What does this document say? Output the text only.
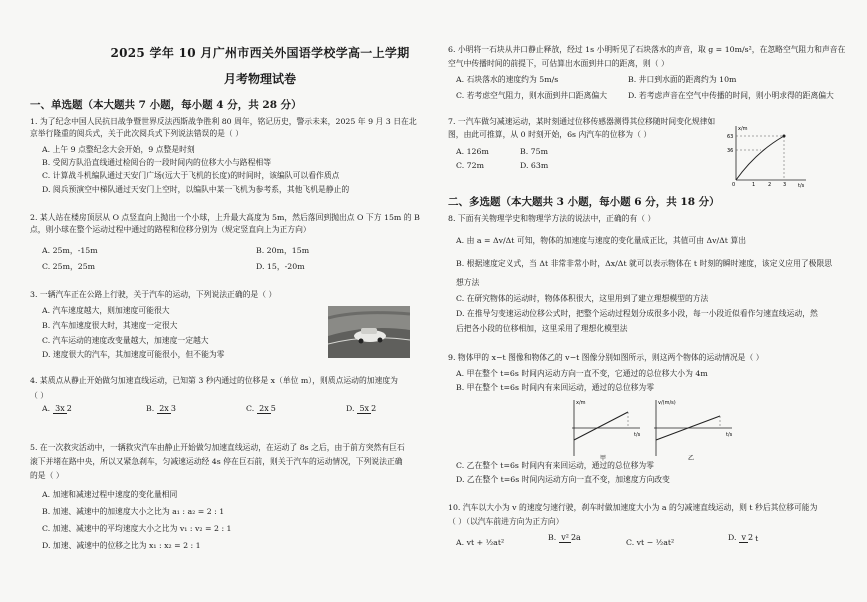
2025 学年 10 月广州市西关外国语学校学高一上学期
月考物理试卷
一、单选题（本大题共 7 小题，每小题 4 分，共 28 分）
1. 为了纪念中国人民抗日战争暨世界反法西斯战争胜利 80 周年，铭记历史，警示未来，2025 年 9 月 3 日在北
京举行隆重的阅兵式，关于此次阅兵式下列说法错误的是（ ）
A. 上午 9 点整纪念大会开始，9 点整是时刻
B. 受阅方队沿直线通过检阅台的一段时间内的位移大小与路程相等
C. 计算战斗机编队通过天安门广场(远大于飞机的长度)的时间时，该编队可以看作质点
D. 阅兵预演空中梯队通过天安门上空时，以编队中某一飞机为参考系，其他飞机是静止的
2. 某人站在楼房顶层从 O 点竖直向上抛出一个小球，上升最大高度为 5m，然后落回到抛出点 O 下方 15m 的 B
点，则小球在整个运动过程中通过的路程和位移分别为（规定竖直向上为正方向）
A. 25m，-15m	B. 20m，15m
C. 25m，25m	D. 15，-20m
3. 一辆汽车正在公路上行驶，关于汽车的运动，下列说法正确的是（ ）
A. 汽车速度越大，则加速度可能很大
B. 汽车加速度很大时，其速度一定很大
C. 汽车运动的速度改变量越大，加速度一定越大
D. 速度很大的汽车，其加速度可能很小，但不能为零
4. 某质点从静止开始做匀加速直线运动，已知第 3 秒内通过的位移是 x（单位 m），则质点运动的加速度为
（ ）
A. 3x 2	B. 2x 3	C. 2x 5	D. 5x 2
5. 在一次救灾活动中，一辆救灾汽车由静止开始做匀加速直线运动，在运动了 8s 之后，由于前方突然有巨石
滚下并堵在路中央，所以又紧急刹车，匀减速运动经 4s 停在巨石前，则关于汽车的运动情况，下列说法正确
的是（ ）
A. 加速和减速过程中速度的变化量相同
B. 加速、减速中的加速度大小之比为 a₁ : a₂ = 2 : 1
C. 加速、减速中的平均速度大小之比为 v₁ : v₂ = 2 : 1
D. 加速、减速中的位移之比为 x₁ : x₂ = 2 : 1
6. 小明将一石块从井口静止释放，经过 1s 小明听见了石块落水的声音，取 g = 10m/s²，在忽略空气阻力和声音在
空气中传播时间的前提下，可估算出水面到井口的距离，则（ ）
A. 石块落水的速度约为 5m/s	B. 井口到水面的距离约为 10m
C. 若考虑空气阻力，则水面到井口距离偏大	D. 若考虑声音在空气中传播的时间，则小明求得的距离偏大
7. 一汽车做匀减速运动，某时刻通过位移传感器测得其位移随时间变化规律如
图，由此可推算，从 0 时刻开始，6s 内汽车的位移为（ ）
A. 126m	B. 75m
C. 72m	D. 63m
x/m
t/s
63
36
0	1	2 3
二、多选题（本大题共 3 小题，每小题 6 分，共 18 分）
8. 下面有关物理学史和物理学方法的说法中，正确的有（ ）
A. 由 a = Δv/Δt 可知，物体的加速度与速度的变化量成正比，其值可由 Δv/Δt 算出
B. 根据速度定义式，当 Δt 非常非常小时，Δx/Δt 就可以表示物体在 t 时刻的瞬时速度，该定义应用了极限思
想方法
C. 在研究物体的运动时，物体体积很大，这里用到了建立理想模型的方法
D. 在推导匀变速运动位移公式时，把整个运动过程划分成很多小段，每一小段近似看作匀速直线运动，然
后把各小段的位移相加，这里采用了理想化模型法
9. 物体甲的 x−t 图像和物体乙的 v−t 图像分别如图所示，则这两个物体的运动情况是（ ）
A. 甲在整个 t=6s 时间内运动方向一直不变，它通过的总位移大小为 4m
B. 甲在整个 t=6s 时间内有来回运动，通过的总位移为零
x/m
t/s
甲
v/(m/s)
t/s
乙
C. 乙在整个 t=6s 时间内有来回运动，通过的总位移为零
D. 乙在整个 t=6s 时间内运动方向一直不变，加速度方向改变
10. 汽车以大小为 v 的速度匀速行驶，刹车时做加速度大小为 a 的匀减速直线运动，则 t 秒后其位移可能为
（ ）（以汽车前进方向为正方向）
A. vt + ½at²
B. v² 2a
C. vt − ½at²
D. v 2 t
